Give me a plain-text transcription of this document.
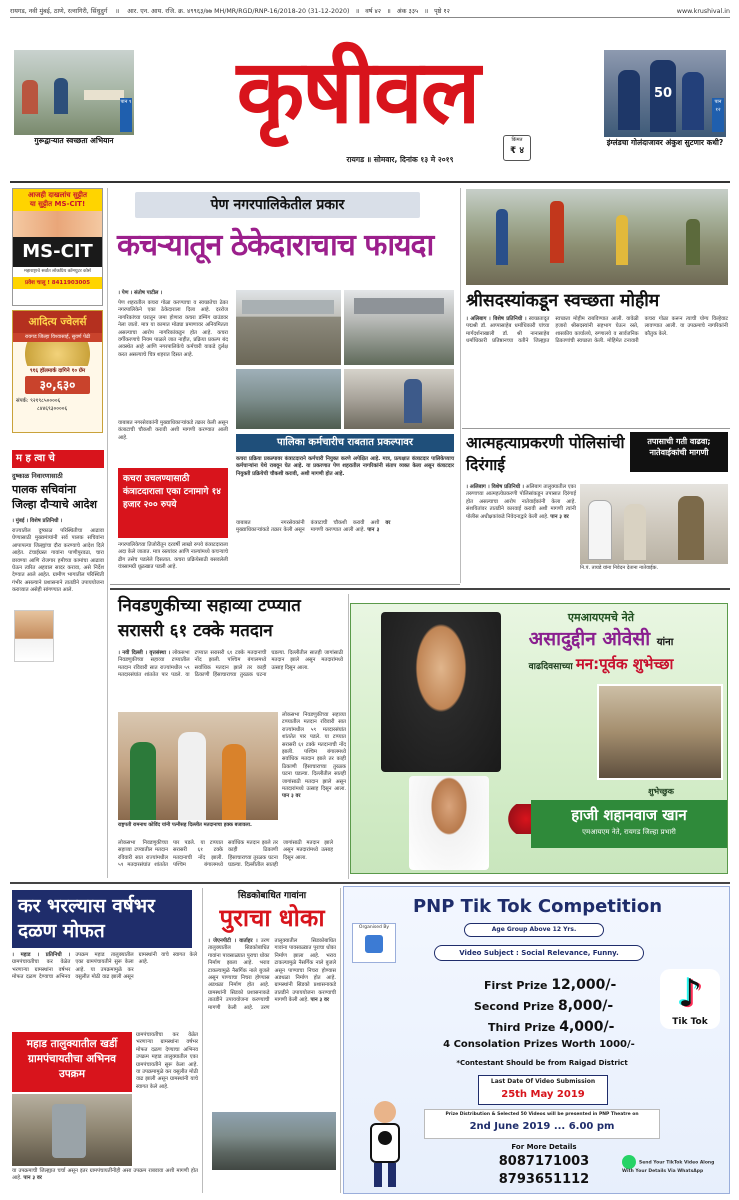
रायगड, नवी मुंबई, ठाणे, रत्नागिरी, सिंधुदुर्ग ॥ आर. एन. आय. रजि. क्र. ४९९६३/७७ MH/MR/RGD/RNP-16/2018-20 (31-12-2020) ॥ वर्ष ४२ ॥ अंक ३३५ ॥ पृष्ठे १२	www.krushival.in
पान ९
गुरूद्वाऱ्यात स्वच्छता अभियान	कृषीवल
रायगड ॥ सोमवार, दिनांक १३ मे २०१९
किंमत
₹ ४
50
पान १२
इंग्लंडचा गोलंदाजावर अंकुश सुटणार कधी?
आजही दाखलांच सुट्टीत
या सुट्टीत MS-CIT!
MS-CIT
महाराष्ट्राचे सर्वांत लोकप्रिय कॉम्प्युटर कोर्स
प्रवेश चालू ! 8411903005
आदित्य ज्वेलर्स
रायगड जिल्हा विश्वासार्ह, सुवर्ण पेढी
९१६ हॉलमार्क दागिने १० ग्रॅम
३०,६३०
संपर्क: ९२१९८५००००६
८४४६९३००००६
म ह त्वा चे
दुष्काळ निवारणासाठी
पालक सचिवांना जिल्हा दौऱ्याचे आदेश
। मुंबई । विशेष प्रतिनिधी ।
राज्यातील दुष्काळ परिस्थितीचा आढावा घेण्यासाठी मुख्यमंत्र्यांनी सर्व पालक सचिवांना आपापल्या जिल्ह्यांचा दौरा करण्याचे आदेश दिले आहेत. टंचाईग्रस्त गावांना पाणीपुरवठा, चारा छावण्या आणि रोजगार हमीच्या कामांचा आढावा घेऊन त्वरित अहवाल सादर करावा, असे निर्देश देण्यात आले आहेत. ग्रामीण भागातील परिस्थिती गंभीर असल्याने प्रशासनाने तातडीने उपाययोजना कराव्यात असेही सांगण्यात आले.
पेण नगरपालिकेतील प्रकार
कचऱ्यातून ठेकेदाराचाच फायदा
। पेण । संतोष पाटील ।
पेण शहरातील कचरा गोळा करण्याचा व स्वच्छतेचा ठेका नगरपालिकेने एका ठेकेदाराला दिला आहे. दररोज नागरिकांच्या घरातून जमा होणारा कचरा डम्पिंग ग्राउंडवर नेला जातो. मात्र या कामात मोठ्या प्रमाणावर अनियमितता असल्याचा आरोप नागरिकांकडून होत आहे. कचरा वर्गीकरणाचे नियम पाळले जात नाहीत, प्रक्रिया प्रकल्प बंद अवस्थेत आहे आणि नगरपालिकेचे कर्मचारी याकडे दुर्लक्ष करत असल्याचे चित्र शहरात दिसत आहे.
याबाबत नगरसेवकांनी मुख्याधिकाऱ्यांकडे तक्रार केली असून कंत्राटाची चौकशी करावी अशी मागणी करण्यात आली आहे.	पालिका कर्मचारीच राबतात प्रकल्पावर
कचरा प्रक्रिया प्रकल्पावर कंत्राटदाराने कर्मचारी नियुक्त करणे अपेक्षित आहे. मात्र, प्रत्यक्षात कंत्राटदार पालिकेच्याच कर्मचाऱ्यांना येथे राबवून घेत आहे. या प्रकरणात पेण शहरातील नागरिकांनी संताप व्यक्त केला असून कंत्राटदार नियुक्ती प्रक्रियेची चौकशी करावी, अशी मागणी होत आहे.
कचरा उचलण्यासाठी कंत्राटदाराला एका टनामागे १४ हजार २०० रुपये
नगरपालिकेच्या तिजोरीतून दरवर्षी लाखो रुपये कंत्राटदाराला अदा केले जातात. मात्र रस्त्यांवर आणि नाल्यांमध्ये कचऱ्याचे ढीग तसेच पडलेले दिसतात. कचरा प्रक्रियेसाठी बसवलेली यंत्रसामग्री धूळखात पडली आहे.
याबाबत नगरसेवकांनी मुख्याधिकाऱ्यांकडे तक्रार केली असून कंत्राटाची चौकशी करावी अशी मागणी करण्यात आली आहे. पान ३ वर
श्रीसदस्यांकडून स्वच्छता मोहीम
। अलिबाग । विशेष प्रतिनिधी । स्वच्छतादूत पद्मश्री डॉ. आप्पासाहेब धर्माधिकारी यांच्या मार्गदर्शनाखाली डॉ. श्री नानासाहेब धर्माधिकारी प्रतिष्ठानच्या वतीने जिल्ह्यात स्वच्छता मोहीम राबविण्यात आली. यावेळी हजारो श्रीसदस्यांनी सहभाग घेऊन रस्ते, शासकीय कार्यालये, रुग्णालये व सार्वजनिक ठिकाणांची स्वच्छता केली. मोहिमेत टनावारी कचरा गोळा करून त्याची योग्य विल्हेवाट लावण्यात आली. या उपक्रमाचे नागरिकांनी कौतुक केले.
आत्महत्याप्रकरणी पोलिसांची दिरंगाई
तपासाची गती वाढवा; नातेवाईकांची मागणी
। अलिबाग । विशेष प्रतिनिधी । अलिबाग तालुक्यातील एका तरुणाच्या आत्महत्येप्रकरणी पोलिसांकडून तपासात दिरंगाई होत असल्याचा आरोप नातेवाईकांनी केला आहे. संशयितांवर तातडीने कारवाई करावी अशी मागणी त्यांनी पोलीस अधीक्षकांकडे निवेदनाद्वारे केली आहे. पान ३ वर
नि.पं. तायडे यांना निवेदन देताना नातेवाईक.
निवडणुकीच्या सहाव्या टप्प्यात सरासरी ६१ टक्के मतदान
। नवी दिल्ली । वृत्तसंस्था । लोकसभा निवडणुकीच्या सहाव्या टप्प्यातील मतदान रविवारी सात राज्यांमधील ५९ मतदारसंघांत शांततेत पार पडले. या टप्प्यात सरासरी ६१ टक्के मतदानाची नोंद झाली. पश्चिम बंगालमध्ये सर्वाधिक मतदान झाले तर काही ठिकाणी हिंसाचाराच्या तुरळक घटना घडल्या. दिल्लीतील सातही जागांसाठी मतदान झाले असून मतदारांमध्ये उत्साह दिसून आला.
राष्ट्रपती रामनाथ कोविंद यांनी पत्नीसह दिल्लीत मतदानाचा हक्क बजावला.
लोकसभा निवडणुकीच्या सहाव्या टप्प्यातील मतदान रविवारी सात राज्यांमधील ५९ मतदारसंघांत शांततेत पार पडले. या टप्प्यात सरासरी ६१ टक्के मतदानाची नोंद झाली. पश्चिम बंगालमध्ये सर्वाधिक मतदान झाले तर काही ठिकाणी हिंसाचाराच्या तुरळक घटना घडल्या. दिल्लीतील सातही जागांसाठी मतदान झाले असून मतदारांमध्ये उत्साह दिसून आला. पान ३ वर
लोकसभा निवडणुकीच्या सहाव्या टप्प्यातील मतदान रविवारी सात राज्यांमधील ५९ मतदारसंघांत शांततेत पार पडले. या टप्प्यात सरासरी ६१ टक्के मतदानाची नोंद झाली. पश्चिम बंगालमध्ये सर्वाधिक मतदान झाले तर काही ठिकाणी हिंसाचाराच्या तुरळक घटना घडल्या. दिल्लीतील सातही जागांसाठी मतदान झाले असून मतदारांमध्ये उत्साह दिसून आला.
एमआयएमचे नेते
असादुद्दीन ओवेसी यांना
वाढदिवसाच्या मन:पूर्वक शुभेच्छा
शुभेच्छुक
हाजी शहानवाज खान
एमआयएम नेते, रायगड जिल्हा प्रभारी
कर भरल्यास वर्षभर दळण मोफत
। महाड । प्रतिनिधी । ग्रामपंचायतीचा कर वेळेत भरणाऱ्या ग्रामस्थांना वर्षभर मोफत दळण देण्याचा अभिनव उपक्रम महाड तालुक्यातील एका ग्रामपंचायतीने सुरू केला आहे. या उपक्रमामुळे कर वसुलीत मोठी वाढ झाली असून ग्रामस्थांनी याचे स्वागत केले आहे.
महाड तालुक्यातील खर्डी ग्रामपंचायतीचा अभिनव उपक्रम
ग्रामपंचायतीचा कर वेळेत भरणाऱ्या ग्रामस्थांना वर्षभर मोफत दळण देण्याचा अभिनव उपक्रम महाड तालुक्यातील एका ग्रामपंचायतीने सुरू केला आहे. या उपक्रमामुळे कर वसुलीत मोठी वाढ झाली असून ग्रामस्थांनी याचे स्वागत केले आहे.
या उपक्रमाची जिल्ह्यात चर्चा असून इतर ग्रामपंचायतींनीही असा उपक्रम राबवावा अशी मागणी होत आहे. पान ३ वर
सिडकोबाधित गावांना
पुराचा धोका
। जेएनपीटी । वार्ताहर । उरण तालुक्यातील सिडकोबाधित गावांना पावसाळ्यात पुराचा धोका निर्माण झाला आहे. भराव टाकल्यामुळे नैसर्गिक नाले बुजले असून पाण्याचा निचरा होण्यास अडथळा निर्माण होत आहे. ग्रामस्थांनी सिडको प्रशासनाकडे तातडीने उपाययोजना करण्याची मागणी केली आहे. उरण तालुक्यातील सिडकोबाधित गावांना पावसाळ्यात पुराचा धोका निर्माण झाला आहे. भराव टाकल्यामुळे नैसर्गिक नाले बुजले असून पाण्याचा निचरा होण्यास अडथळा निर्माण होत आहे. ग्रामस्थांनी सिडको प्रशासनाकडे तातडीने उपाययोजना करण्याची मागणी केली आहे. पान ३ वर
PNP Tik Tok Competition
Organised By	Age Group Above 12 Yrs.
Video Subject : Social Relevance, Funny.
First Prize 12,000/-
Second Prize 8,000/-
Third Prize 4,000/-
4 Consolation Prizes Worth 1000/-
♪
Tik Tok
*Contestant Should be from Raigad District
Last Date Of Video Submission
25th May 2019
Prize Distribution & Selected 50 Videos will be presented in PNP Theatre on
2nd June 2019 ... 6.00 pm
For More Details
8087171003
8793651112
Send Your TikTok Video Along With Your Details Via WhatsApp
